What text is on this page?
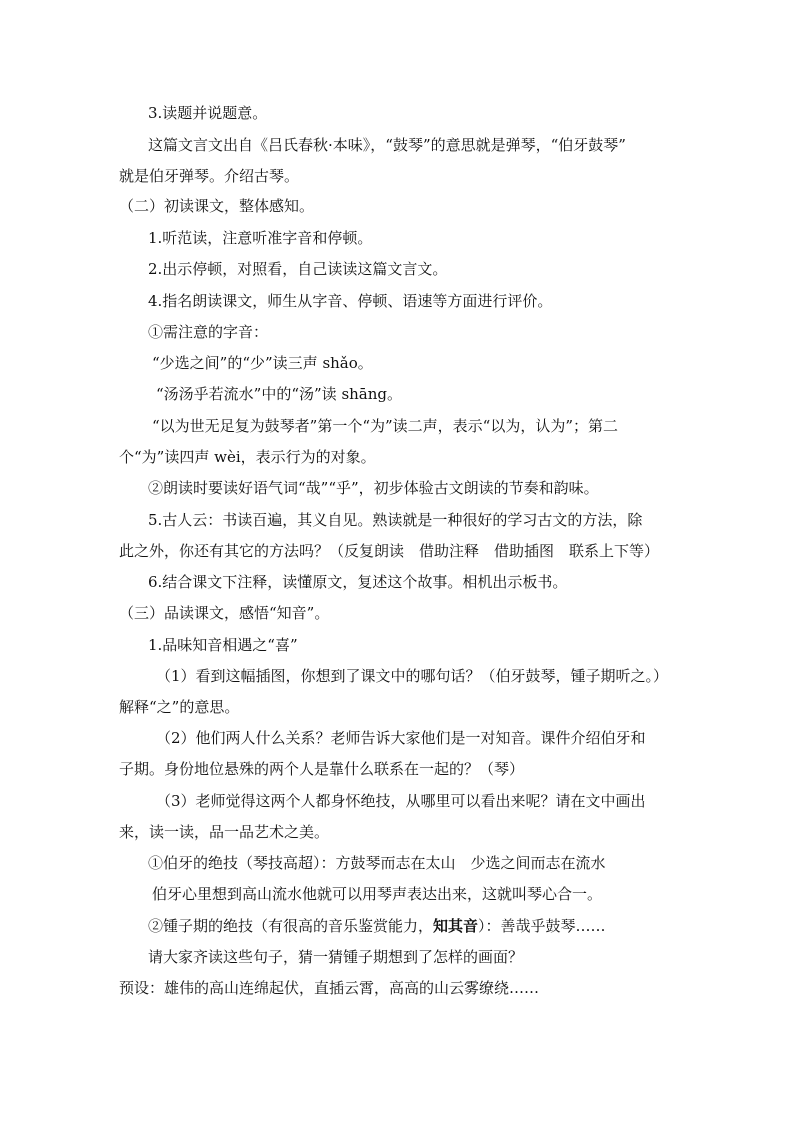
3.读题并说题意。
这篇文言文出自《吕氏春秋·本味》，“鼓琴”的意思就是弹琴，“伯牙鼓琴”
就是伯牙弹琴。介绍古琴。
（二）初读课文，整体感知。
1.听范读，注意听准字音和停顿。
2.出示停顿，对照看，自己读读这篇文言文。
4.指名朗读课文，师生从字音、停顿、语速等方面进行评价。
①需注意的字音：
“少选之间”的“少”读三声 shǎo。
“汤汤乎若流水”中的“汤”读 shāng。
“以为世无足复为鼓琴者”第一个“为”读二声，表示“以为，认为”；第二
个“为”读四声 wèi，表示行为的对象。
②朗读时要读好语气词“哉”“乎”，初步体验古文朗读的节奏和韵味。
5.古人云：书读百遍，其义自见。熟读就是一种很好的学习古文的方法，除
此之外，你还有其它的方法吗？（反复朗读　借助注释　借助插图　联系上下等）
6.结合课文下注释，读懂原文，复述这个故事。相机出示板书。
（三）品读课文，感悟“知音”。
1.品味知音相遇之“喜”
（1）看到这幅插图，你想到了课文中的哪句话？（伯牙鼓琴，锺子期听之。）
解释“之”的意思。
（2）他们两人什么关系？老师告诉大家他们是一对知音。课件介绍伯牙和
子期。身份地位悬殊的两个人是靠什么联系在一起的？（琴）
（3）老师觉得这两个人都身怀绝技，从哪里可以看出来呢？请在文中画出
来，读一读，品一品艺术之美。
①伯牙的绝技（琴技高超）：方鼓琴而志在太山　少选之间而志在流水
伯牙心里想到高山流水他就可以用琴声表达出来，这就叫琴心合一。
②锺子期的绝技（有很高的音乐鉴赏能力，知其音）：善哉乎鼓琴……
请大家齐读这些句子，猜一猜锺子期想到了怎样的画面？
预设：雄伟的高山连绵起伏，直插云霄，高高的山云雾缭绕……
